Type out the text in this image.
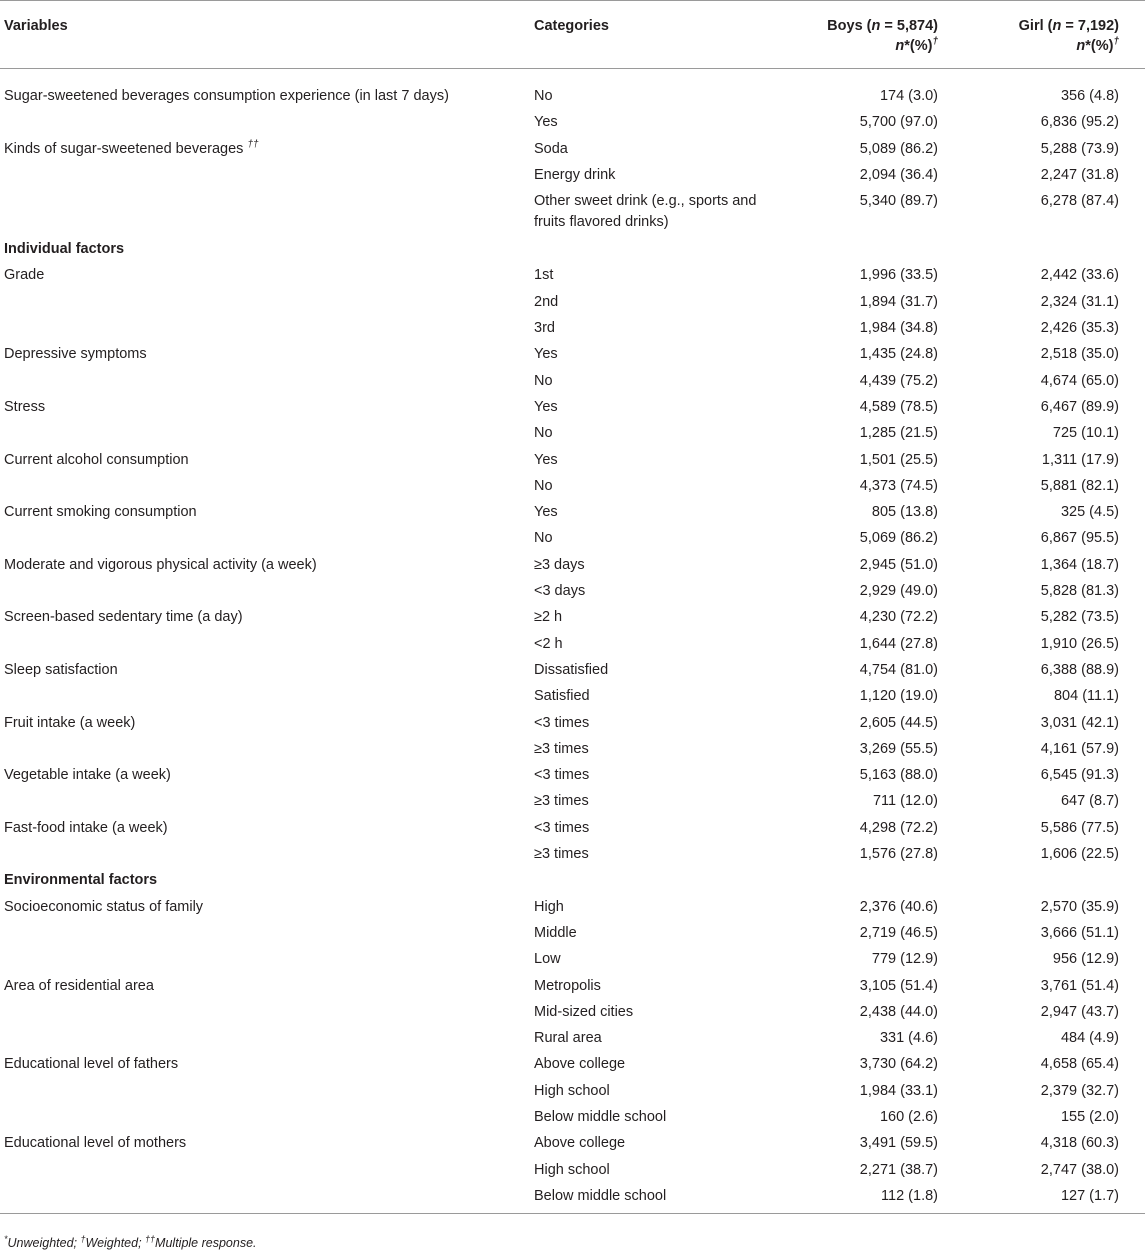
Variables	Categories	Boys (n = 5,874)	Girl (n = 7,192)
		n*(%)†	n*(%)†
Sugar-sweetened beverages consumption experience (in last 7 days)	No	174 (3.0)	356 (4.8)
	Yes	5,700 (97.0)	6,836 (95.2)
Kinds of sugar-sweetened beverages ††	Soda	5,089 (86.2)	5,288 (73.9)
	Energy drink	2,094 (36.4)	2,247 (31.8)
	Other sweet drink (e.g., sports and fruits flavored drinks)	5,340 (89.7)	6,278 (87.4)
Individual factors			
Grade	1st	1,996 (33.5)	2,442 (33.6)
	2nd	1,894 (31.7)	2,324 (31.1)
	3rd	1,984 (34.8)	2,426 (35.3)
Depressive symptoms	Yes	1,435 (24.8)	2,518 (35.0)
	No	4,439 (75.2)	4,674 (65.0)
Stress	Yes	4,589 (78.5)	6,467 (89.9)
	No	1,285 (21.5)	725 (10.1)
Current alcohol consumption	Yes	1,501 (25.5)	1,311 (17.9)
	No	4,373 (74.5)	5,881 (82.1)
Current smoking consumption	Yes	805 (13.8)	325 (4.5)
	No	5,069 (86.2)	6,867 (95.5)
Moderate and vigorous physical activity (a week)	≥3 days	2,945 (51.0)	1,364 (18.7)
	<3 days	2,929 (49.0)	5,828 (81.3)
Screen-based sedentary time (a day)	≥2 h	4,230 (72.2)	5,282 (73.5)
	<2 h	1,644 (27.8)	1,910 (26.5)
Sleep satisfaction	Dissatisfied	4,754 (81.0)	6,388 (88.9)
	Satisfied	1,120 (19.0)	804 (11.1)
Fruit intake (a week)	<3 times	2,605 (44.5)	3,031 (42.1)
	≥3 times	3,269 (55.5)	4,161 (57.9)
Vegetable intake (a week)	<3 times	5,163 (88.0)	6,545 (91.3)
	≥3 times	711 (12.0)	647 (8.7)
Fast-food intake (a week)	<3 times	4,298 (72.2)	5,586 (77.5)
	≥3 times	1,576 (27.8)	1,606 (22.5)
Environmental factors			
Socioeconomic status of family	High	2,376 (40.6)	2,570 (35.9)
	Middle	2,719 (46.5)	3,666 (51.1)
	Low	779 (12.9)	956 (12.9)
Area of residential area	Metropolis	3,105 (51.4)	3,761 (51.4)
	Mid-sized cities	2,438 (44.0)	2,947 (43.7)
	Rural area	331 (4.6)	484 (4.9)
Educational level of fathers	Above college	3,730 (64.2)	4,658 (65.4)
	High school	1,984 (33.1)	2,379 (32.7)
	Below middle school	160 (2.6)	155 (2.0)
Educational level of mothers	Above college	3,491 (59.5)	4,318 (60.3)
	High school	2,271 (38.7)	2,747 (38.0)
	Below middle school	112 (1.8)	127 (1.7)
*Unweighted; †Weighted; ††Multiple response.
